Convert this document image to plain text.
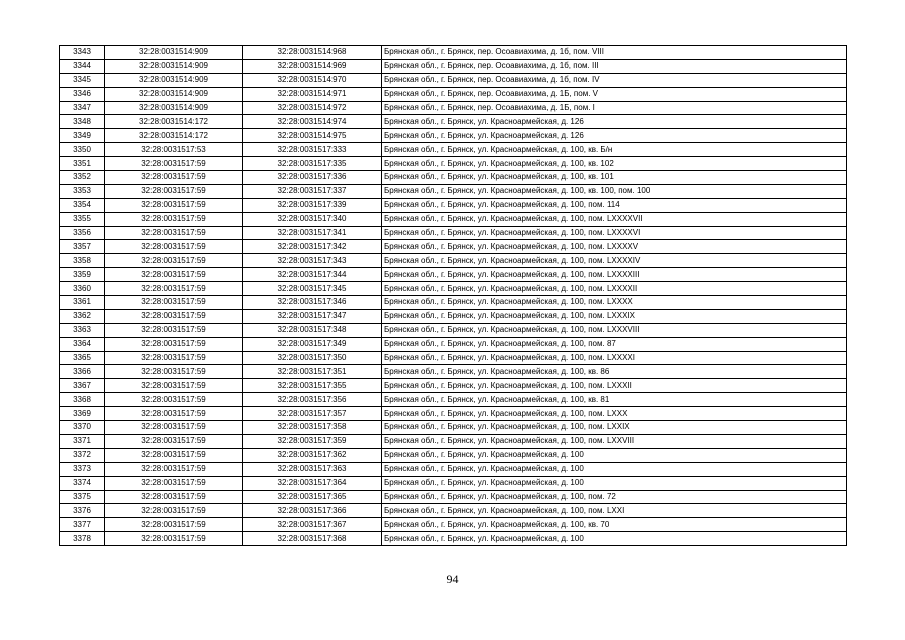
3343	32:28:0031514:909	32:28:0031514:968	Брянская обл., г. Брянск, пер. Осоавиахима, д. 1б, пом. VIII
3344	32:28:0031514:909	32:28:0031514:969	Брянская обл., г. Брянск, пер. Осоавиахима, д. 1б, пом. III
3345	32:28:0031514:909	32:28:0031514:970	Брянская обл., г. Брянск, пер. Осоавиахима, д. 1б, пом. IV
3346	32:28:0031514:909	32:28:0031514:971	Брянская обл., г. Брянск, пер. Осоавиахима, д. 1Б, пом. V
3347	32:28:0031514:909	32:28:0031514:972	Брянская обл., г. Брянск, пер. Осоавиахима, д. 1Б, пом. I
3348	32:28:0031514:172	32:28:0031514:974	Брянская обл., г. Брянск, ул. Красноармейская, д. 126
3349	32:28:0031514:172	32:28:0031514:975	Брянская обл., г. Брянск, ул. Красноармейская, д. 126
3350	32:28:0031517:53	32:28:0031517:333	Брянская обл., г. Брянск, ул. Красноармейская, д. 100, кв. Б/н
3351	32:28:0031517:59	32:28:0031517:335	Брянская обл., г. Брянск, ул. Красноармейская, д. 100, кв. 102
3352	32:28:0031517:59	32:28:0031517:336	Брянская обл., г. Брянск, ул. Красноармейская, д. 100, кв. 101
3353	32:28:0031517:59	32:28:0031517:337	Брянская обл., г. Брянск, ул. Красноармейская, д. 100, кв. 100, пом. 100
3354	32:28:0031517:59	32:28:0031517:339	Брянская обл., г. Брянск, ул. Красноармейская, д. 100, пом. 114
3355	32:28:0031517:59	32:28:0031517:340	Брянская обл., г. Брянск, ул. Красноармейская, д. 100, пом. LXXXXVII
3356	32:28:0031517:59	32:28:0031517:341	Брянская обл., г. Брянск, ул. Красноармейская, д. 100, пом. LXXXXVI
3357	32:28:0031517:59	32:28:0031517:342	Брянская обл., г. Брянск, ул. Красноармейская, д. 100, пом. LXXXXV
3358	32:28:0031517:59	32:28:0031517:343	Брянская обл., г. Брянск, ул. Красноармейская, д. 100, пом. LXXXXIV
3359	32:28:0031517:59	32:28:0031517:344	Брянская обл., г. Брянск, ул. Красноармейская, д. 100, пом. LXXXXIII
3360	32:28:0031517:59	32:28:0031517:345	Брянская обл., г. Брянск, ул. Красноармейская, д. 100, пом. LXXXXII
3361	32:28:0031517:59	32:28:0031517:346	Брянская обл., г. Брянск, ул. Красноармейская, д. 100, пом. LXXXX
3362	32:28:0031517:59	32:28:0031517:347	Брянская обл., г. Брянск, ул. Красноармейская, д. 100, пом. LXXXIX
3363	32:28:0031517:59	32:28:0031517:348	Брянская обл., г. Брянск, ул. Красноармейская, д. 100, пом. LXXXVIII
3364	32:28:0031517:59	32:28:0031517:349	Брянская обл., г. Брянск, ул. Красноармейская, д. 100, пом. 87
3365	32:28:0031517:59	32:28:0031517:350	Брянская обл., г. Брянск, ул. Красноармейская, д. 100, пом. LXXXXI
3366	32:28:0031517:59	32:28:0031517:351	Брянская обл., г. Брянск, ул. Красноармейская, д. 100, кв. 86
3367	32:28:0031517:59	32:28:0031517:355	Брянская обл., г. Брянск, ул. Красноармейская, д. 100, пом. LXXXII
3368	32:28:0031517:59	32:28:0031517:356	Брянская обл., г. Брянск, ул. Красноармейская, д. 100, кв. 81
3369	32:28:0031517:59	32:28:0031517:357	Брянская обл., г. Брянск, ул. Красноармейская, д. 100, пом. LXXX
3370	32:28:0031517:59	32:28:0031517:358	Брянская обл., г. Брянск, ул. Красноармейская, д. 100, пом. LXXIX
3371	32:28:0031517:59	32:28:0031517:359	Брянская обл., г. Брянск, ул. Красноармейская, д. 100, пом. LXXVIII
3372	32:28:0031517:59	32:28:0031517:362	Брянская обл., г. Брянск, ул. Красноармейская, д. 100
3373	32:28:0031517:59	32:28:0031517:363	Брянская обл., г. Брянск, ул. Красноармейская, д. 100
3374	32:28:0031517:59	32:28:0031517:364	Брянская обл., г. Брянск, ул. Красноармейская, д. 100
3375	32:28:0031517:59	32:28:0031517:365	Брянская обл., г. Брянск, ул. Красноармейская, д. 100, пом. 72
3376	32:28:0031517:59	32:28:0031517:366	Брянская обл., г. Брянск, ул. Красноармейская, д. 100, пом. LXXI
3377	32:28:0031517:59	32:28:0031517:367	Брянская обл., г. Брянск, ул. Красноармейская, д. 100, кв. 70
3378	32:28:0031517:59	32:28:0031517:368	Брянская обл., г. Брянск, ул. Красноармейская, д. 100
94
